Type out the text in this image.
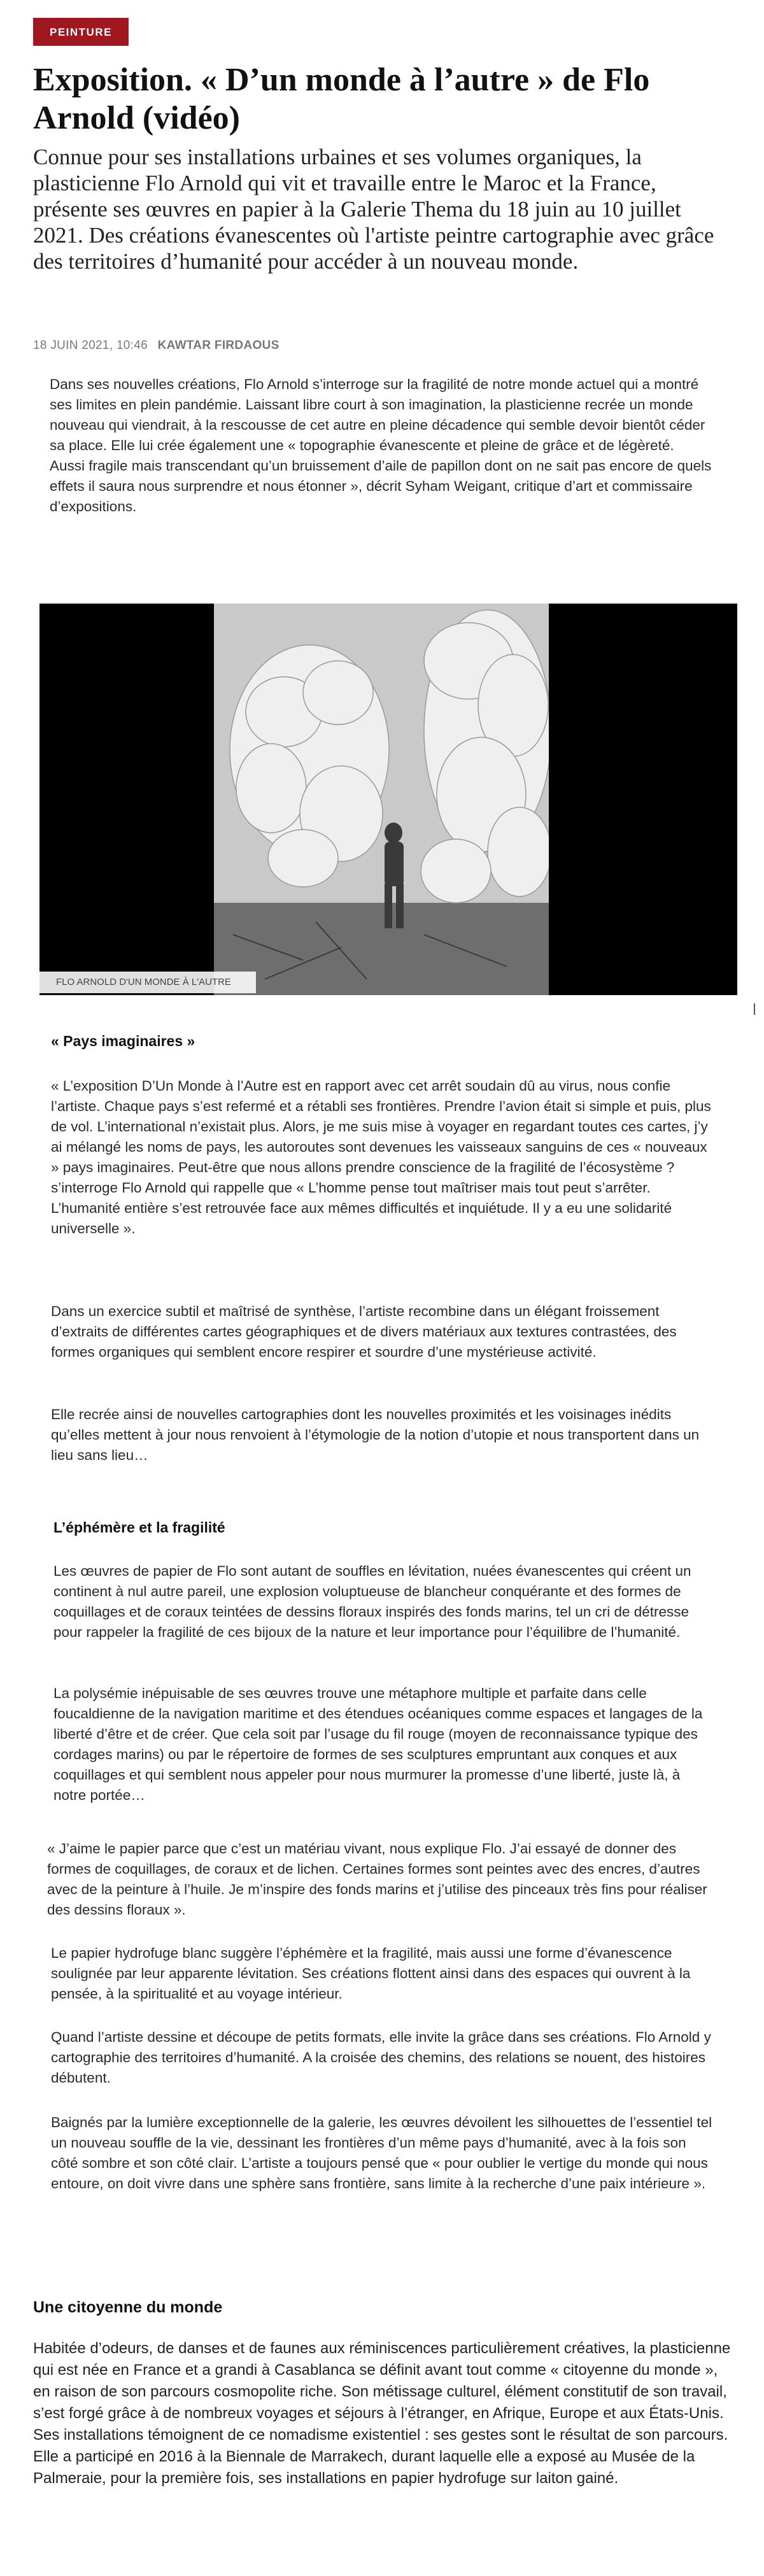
PEINTURE
Exposition. « D’un monde à l’autre » de Flo Arnold (vidéo)

Connue pour ses installations urbaines et ses volumes organiques, la plasticienne Flo Arnold qui vit et travaille entre le Maroc et la France, présente ses œuvres en papier à la Galerie Thema du 18 juin au 10 juillet 2021. Des créations évanescentes où l'artiste peintre cartographie avec grâce des territoires d’humanité pour accéder à un nouveau monde.

18 JUIN 2021, 10:46 KAWTAR FIRDAOUS

Dans ses nouvelles créations, Flo Arnold s’interroge sur la fragilité de notre monde actuel qui a montré ses limites en plein pandémie. Laissant libre court à son imagination, la plasticienne recrée un monde nouveau qui viendrait, à la rescousse de cet autre en pleine décadence qui semble devoir bientôt céder sa place. Elle lui crée également une « topographie évanescente et pleine de grâce et de légèreté. Aussi fragile mais transcendant qu’un bruissement d’aile de papillon dont on ne sait pas encore de quels effets il saura nous surprendre et nous étonner », décrit Syham Weigant, critique d’art et commissaire d’expositions.

FLO ARNOLD D'UN MONDE À L'AUTRE
« Pays imaginaires »

« L’exposition D’Un Monde à l’Autre est en rapport avec cet arrêt soudain dû au virus, nous confie l’artiste. Chaque pays s’est refermé et a rétabli ses frontières. Prendre l’avion était si simple et puis, plus de vol. L’international n’existait plus. Alors, je me suis mise à voyager en regardant toutes ces cartes, j’y ai mélangé les noms de pays, les autoroutes sont devenues les vaisseaux sanguins de ces « nouveaux » pays imaginaires. Peut-être que nous allons prendre conscience de la fragilité de l’écosystème ? s’interroge Flo Arnold qui rappelle que « L’homme pense tout maîtriser mais tout peut s’arrêter. L’humanité entière s’est retrouvée face aux mêmes difficultés et inquiétude. Il y a eu une solidarité universelle ».

Dans un exercice subtil et maîtrisé de synthèse, l’artiste recombine dans un élégant froissement d’extraits de différentes cartes géographiques et de divers matériaux aux textures contrastées, des formes organiques qui semblent encore respirer et sourdre d’une mystérieuse activité.

Elle recrée ainsi de nouvelles cartographies dont les nouvelles proximités et les voisinages inédits qu’elles mettent à jour nous renvoient à l’étymologie de la notion d’utopie et nous transportent dans un lieu sans lieu…

L’éphémère et la fragilité

Les œuvres de papier de Flo sont autant de souffles en lévitation, nuées évanescentes qui créent un continent à nul autre pareil, une explosion voluptueuse de blancheur conquérante et des formes de coquillages et de coraux teintées de dessins floraux inspirés des fonds marins, tel un cri de détresse pour rappeler la fragilité de ces bijoux de la nature et leur importance pour l’équilibre de l’humanité.

La polysémie inépuisable de ses œuvres trouve une métaphore multiple et parfaite dans celle foucaldienne de la navigation maritime et des étendues océaniques comme espaces et langages de la liberté d’être et de créer. Que cela soit par l’usage du fil rouge (moyen de reconnaissance typique des cordages marins) ou par le répertoire de formes de ses sculptures empruntant aux conques et aux coquillages et qui semblent nous appeler pour nous murmurer la promesse d’une liberté, juste là, à notre portée…

« J’aime le papier parce que c’est un matériau vivant, nous explique Flo. J’ai essayé de donner des formes de coquillages, de coraux et de lichen. Certaines formes sont peintes avec des encres, d’autres avec de la peinture à l’huile. Je m’inspire des fonds marins et j’utilise des pinceaux très fins pour réaliser des dessins floraux ».

Le papier hydrofuge blanc suggère l’éphémère et la fragilité, mais aussi une forme d’évanescence soulignée par leur apparente lévitation. Ses créations flottent ainsi dans des espaces qui ouvrent à la pensée, à la spiritualité et au voyage intérieur.

Quand l’artiste dessine et découpe de petits formats, elle invite la grâce dans ses créations. Flo Arnold y cartographie des territoires d’humanité. A la croisée des chemins, des relations se nouent, des histoires débutent.

Baignés par la lumière exceptionnelle de la galerie, les œuvres dévoilent les silhouettes de l’essentiel tel un nouveau souffle de la vie, dessinant les frontières d’un même pays d’humanité, avec à la fois son côté sombre et son côté clair. L’artiste a toujours pensé que « pour oublier le vertige du monde qui nous entoure, on doit vivre dans une sphère sans frontière, sans limite à la recherche d’une paix intérieure ».

Une citoyenne du monde

Habitée d’odeurs, de danses et de faunes aux réminiscences particulièrement créatives, la plasticienne qui est née en France et a grandi à Casablanca se définit avant tout comme « citoyenne du monde », en raison de son parcours cosmopolite riche. Son métissage culturel, élément constitutif de son travail, s’est forgé grâce à de nombreux voyages et séjours à l’étranger, en Afrique, Europe et aux États-Unis. Ses installations témoignent de ce nomadisme existentiel : ses gestes sont le résultat de son parcours. Elle a participé en 2016 à la Biennale de Marrakech, durant laquelle elle a exposé au Musée de la Palmeraie, pour la première fois, ses installations en papier hydrofuge sur laiton gainé.
